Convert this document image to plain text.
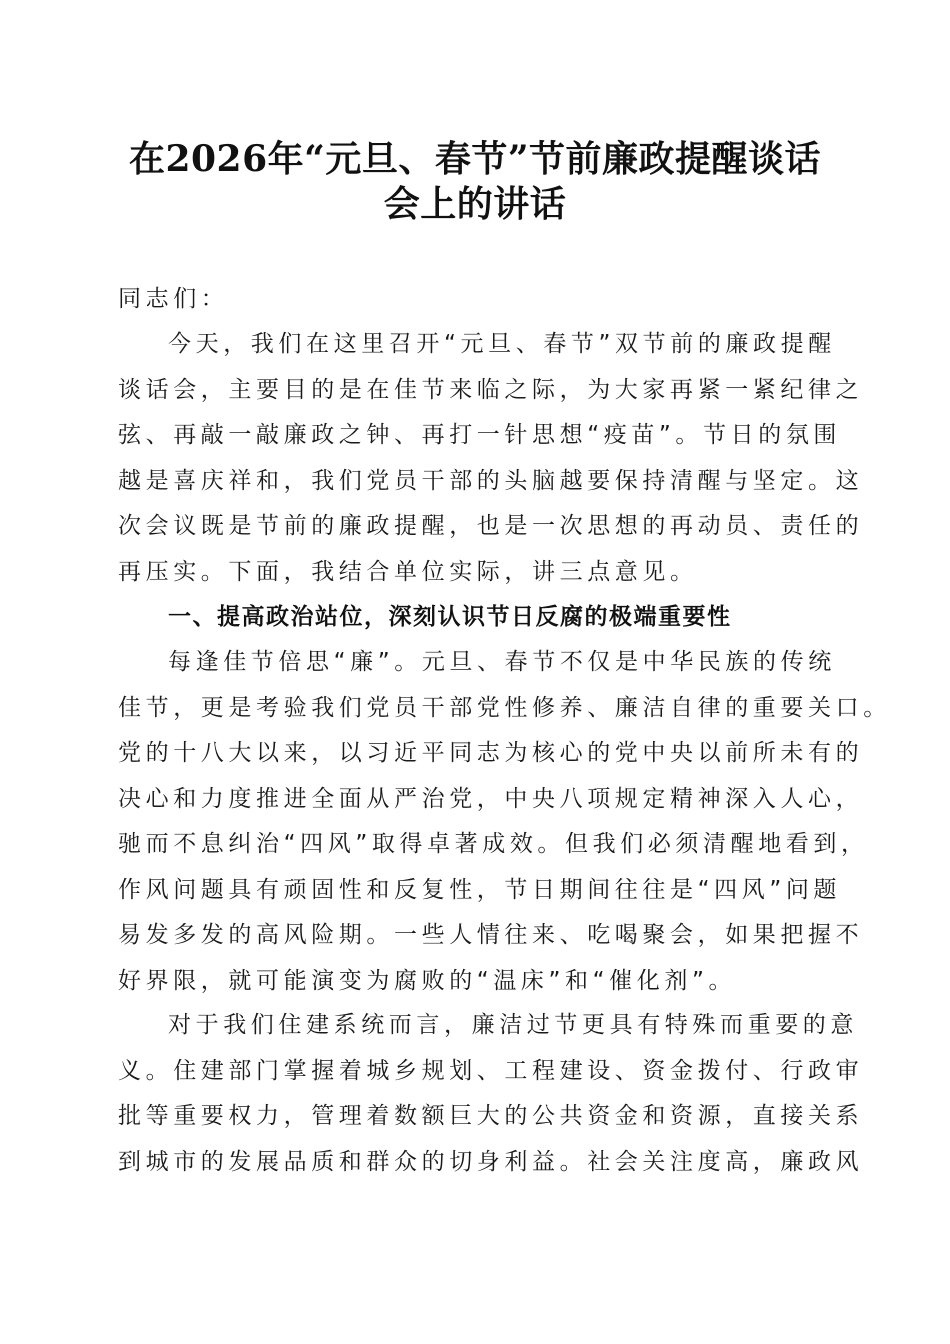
在2026年“元旦、春节”节前廉政提醒谈话
会上的讲话
同志们：
今天，我们在这里召开“元旦、春节”双节前的廉政提醒
谈话会，主要目的是在佳节来临之际，为大家再紧一紧纪律之
弦、再敲一敲廉政之钟、再打一针思想“疫苗”。节日的氛围
越是喜庆祥和，我们党员干部的头脑越要保持清醒与坚定。这
次会议既是节前的廉政提醒，也是一次思想的再动员、责任的
再压实。下面，我结合单位实际，讲三点意见。
一、提高政治站位，深刻认识节日反腐的极端重要性
每逢佳节倍思“廉”。元旦、春节不仅是中华民族的传统
佳节，更是考验我们党员干部党性修养、廉洁自律的重要关口。
党的十八大以来，以习近平同志为核心的党中央以前所未有的
决心和力度推进全面从严治党，中央八项规定精神深入人心，
驰而不息纠治“四风”取得卓著成效。但我们必须清醒地看到，
作风问题具有顽固性和反复性，节日期间往往是“四风”问题
易发多发的高风险期。一些人情往来、吃喝聚会，如果把握不
好界限，就可能演变为腐败的“温床”和“催化剂”。
对于我们住建系统而言，廉洁过节更具有特殊而重要的意
义。住建部门掌握着城乡规划、工程建设、资金拨付、行政审
批等重要权力，管理着数额巨大的公共资金和资源，直接关系
到城市的发展品质和群众的切身利益。社会关注度高，廉政风
